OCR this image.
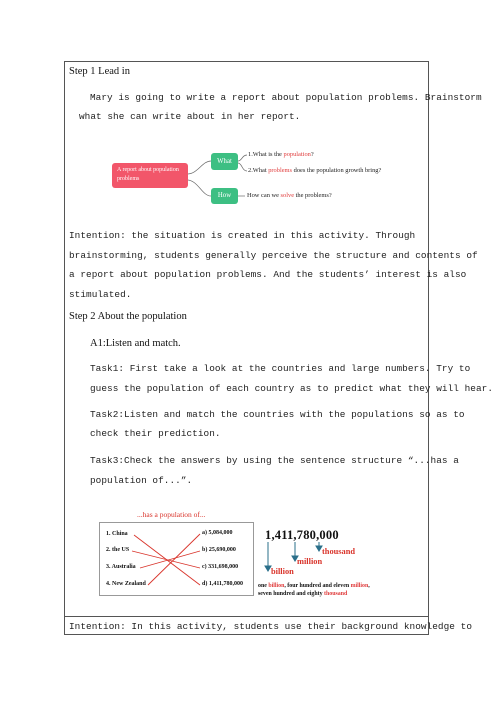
Step 1 Lead in
Mary is going to write a report about population problems. Brainstorm
what she can write about in her report.
A report about population problems
What
How
1.What is the population?
2.What problems does the population growth bring?
How can we solve the problems?
Intention: the situation is created in this activity. Through
brainstorming, students generally perceive the structure and contents of
a report about population problems. And the students’ interest is also
stimulated.
Step 2 About the population
A1:Listen and match.
Task1: First take a look at the countries and large numbers. Try to
guess the population of each country as to predict what they will hear.
Task2:Listen and match the countries with the populations so as to
check their prediction.
Task3:Check the answers by using the sentence structure “...has a
population of...”.
...has a population of...
1. China
2. the US
3. Australia
4. New Zealand
a) 5,084,000
b) 25,690,000
c) 331,698,000
d) 1,411,780,000
1,411,780,000
thousand
million
billion
one billion, four hundred and eleven million,
seven hundred and eighty thousand
Intention: In this activity, students use their background knowledge to
